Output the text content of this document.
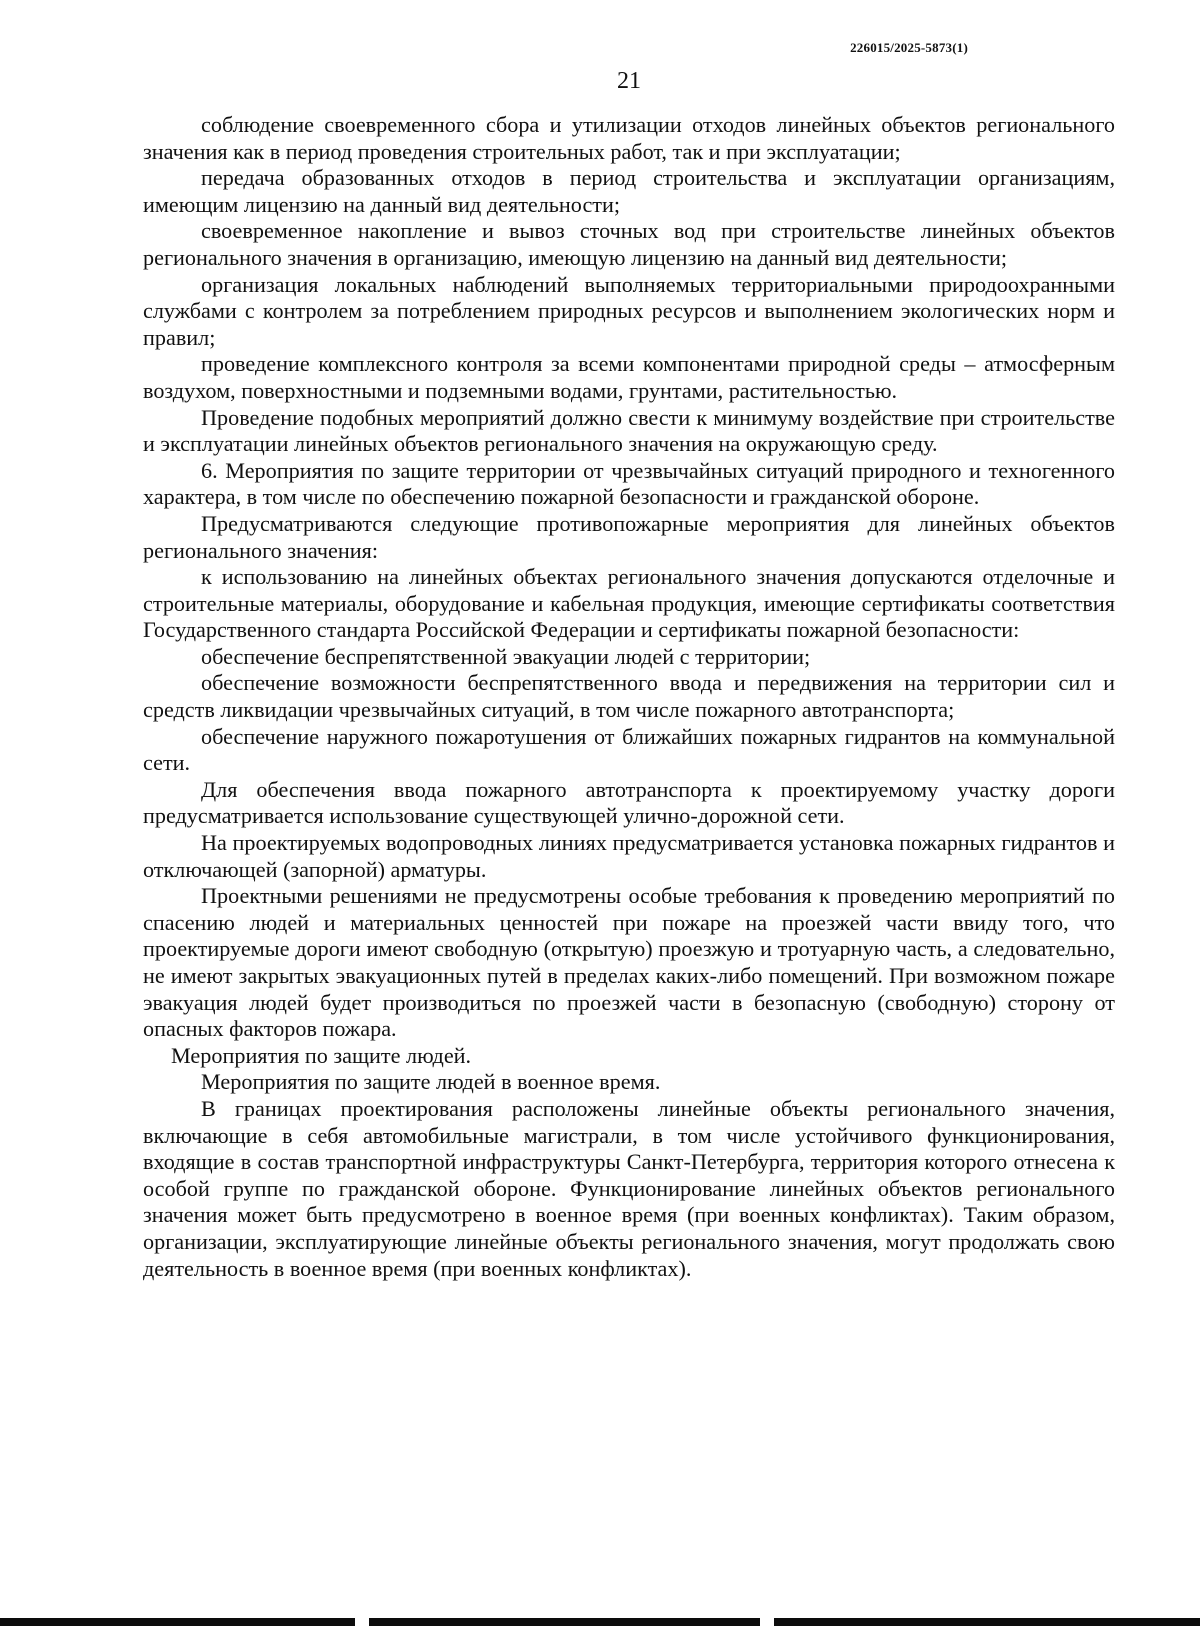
226015/2025-5873(1)
21

соблюдение своевременного сбора и утилизации отходов линейных объектов регионального значения как в период проведения строительных работ, так и при эксплуатации;

передача образованных отходов в период строительства и эксплуатации организациям, имеющим лицензию на данный вид деятельности;

своевременное накопление и вывоз сточных вод при строительстве линейных объектов регионального значения в организацию, имеющую лицензию на данный вид деятельности;

организация локальных наблюдений выполняемых территориальными природоохранными службами с контролем за потреблением природных ресурсов и выполнением экологических норм и правил;

проведение комплексного контроля за всеми компонентами природной среды – атмосферным воздухом, поверхностными и подземными водами, грунтами, растительностью.

Проведение подобных мероприятий должно свести к минимуму воздействие при строительстве и эксплуатации линейных объектов регионального значения на окружающую среду.

6. Мероприятия по защите территории от чрезвычайных ситуаций природного и техногенного характера, в том числе по обеспечению пожарной безопасности и гражданской обороне.

Предусматриваются следующие противопожарные мероприятия для линейных объектов регионального значения:

к использованию на линейных объектах регионального значения допускаются отделочные и строительные материалы, оборудование и кабельная продукция, имеющие сертификаты соответствия Государственного стандарта Российской Федерации и сертификаты пожарной безопасности:

обеспечение беспрепятственной эвакуации людей с территории;

обеспечение возможности беспрепятственного ввода и передвижения на территории сил и средств ликвидации чрезвычайных ситуаций, в том числе пожарного автотранспорта;

обеспечение наружного пожаротушения от ближайших пожарных гидрантов на коммунальной сети.

Для обеспечения ввода пожарного автотранспорта к проектируемому участку дороги предусматривается использование существующей улично-дорожной сети.

На проектируемых водопроводных линиях предусматривается установка пожарных гидрантов и отключающей (запорной) арматуры.

Проектными решениями не предусмотрены особые требования к проведению мероприятий по спасению людей и материальных ценностей при пожаре на проезжей части ввиду того, что проектируемые дороги имеют свободную (открытую) проезжую и тротуарную часть, а следовательно, не имеют закрытых эвакуационных путей в пределах каких-либо помещений. При возможном пожаре эвакуация людей будет производиться по проезжей части в безопасную (свободную) сторону от опасных факторов пожара.

Мероприятия по защите людей.

Мероприятия по защите людей в военное время.

В границах проектирования расположены линейные объекты регионального значения, включающие в себя автомобильные магистрали, в том числе устойчивого функционирования, входящие в состав транспортной инфраструктуры Санкт-Петербурга, территория которого отнесена к особой группе по гражданской обороне. Функционирование линейных объектов регионального значения может быть предусмотрено в военное время (при военных конфликтах). Таким образом, организации, эксплуатирующие линейные объекты регионального значения, могут продолжать свою деятельность в военное время (при военных конфликтах).
